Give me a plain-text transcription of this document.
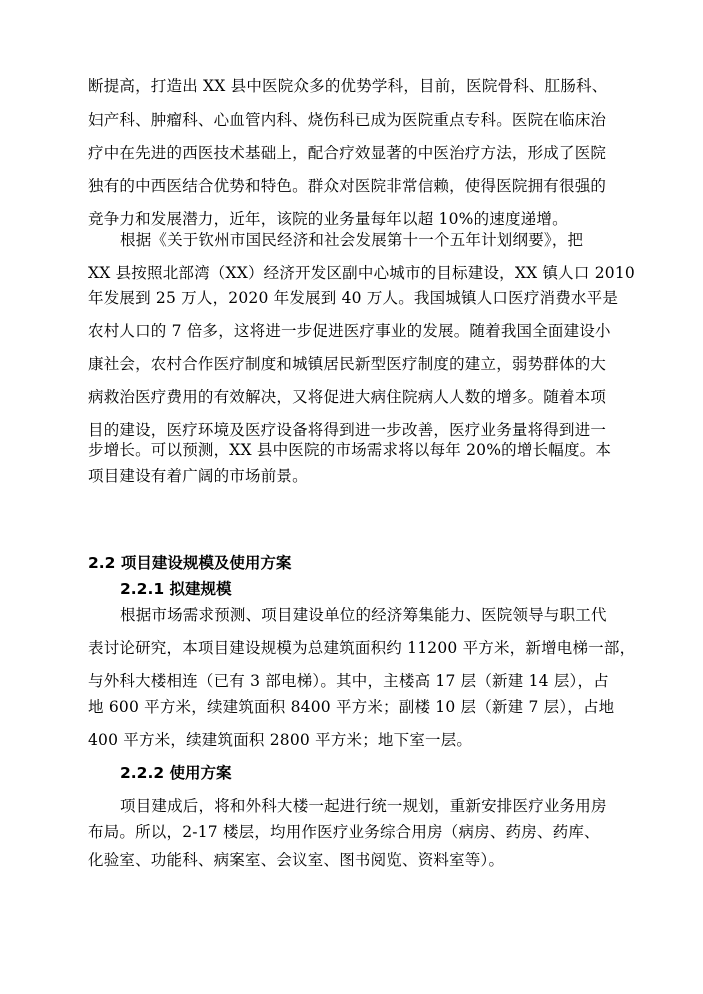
断提高，打造出 XX 县中医院众多的优势学科，目前，医院骨科、肛肠科、
妇产科、肿瘤科、心血管内科、烧伤科已成为医院重点专科。医院在临床治
疗中在先进的西医技术基础上，配合疗效显著的中医治疗方法，形成了医院
独有的中西医结合优势和特色。群众对医院非常信赖，使得医院拥有很强的
竞争力和发展潜力，近年，该院的业务量每年以超 10%的速度递增。
根据《关于钦州市国民经济和社会发展第十一个五年计划纲要》，把
XX 县按照北部湾（XX）经济开发区副中心城市的目标建设，XX 镇人口 2010
年发展到 25 万人，2020 年发展到 40 万人。我国城镇人口医疗消费水平是
农村人口的 7 倍多，这将进一步促进医疗事业的发展。随着我国全面建设小
康社会，农村合作医疗制度和城镇居民新型医疗制度的建立，弱势群体的大
病救治医疗费用的有效解决，又将促进大病住院病人人数的增多。随着本项
目的建设，医疗环境及医疗设备将得到进一步改善，医疗业务量将得到进一
步增长。可以预测，XX 县中医院的市场需求将以每年 20%的增长幅度。本
项目建设有着广阔的市场前景。
2.2 项目建设规模及使用方案
2.2.1 拟建规模
根据市场需求预测、项目建设单位的经济筹集能力、医院领导与职工代
表讨论研究，本项目建设规模为总建筑面积约 11200 平方米，新增电梯一部，
与外科大楼相连（已有 3 部电梯）。其中，主楼高 17 层（新建 14 层），占
地 600 平方米，续建筑面积 8400 平方米；副楼 10 层（新建 7 层），占地
400 平方米，续建筑面积 2800 平方米；地下室一层。
2.2.2 使用方案
项目建成后，将和外科大楼一起进行统一规划，重新安排医疗业务用房
布局。所以，2-17 楼层，均用作医疗业务综合用房（病房、药房、药库、
化验室、功能科、病案室、会议室、图书阅览、资料室等）。
